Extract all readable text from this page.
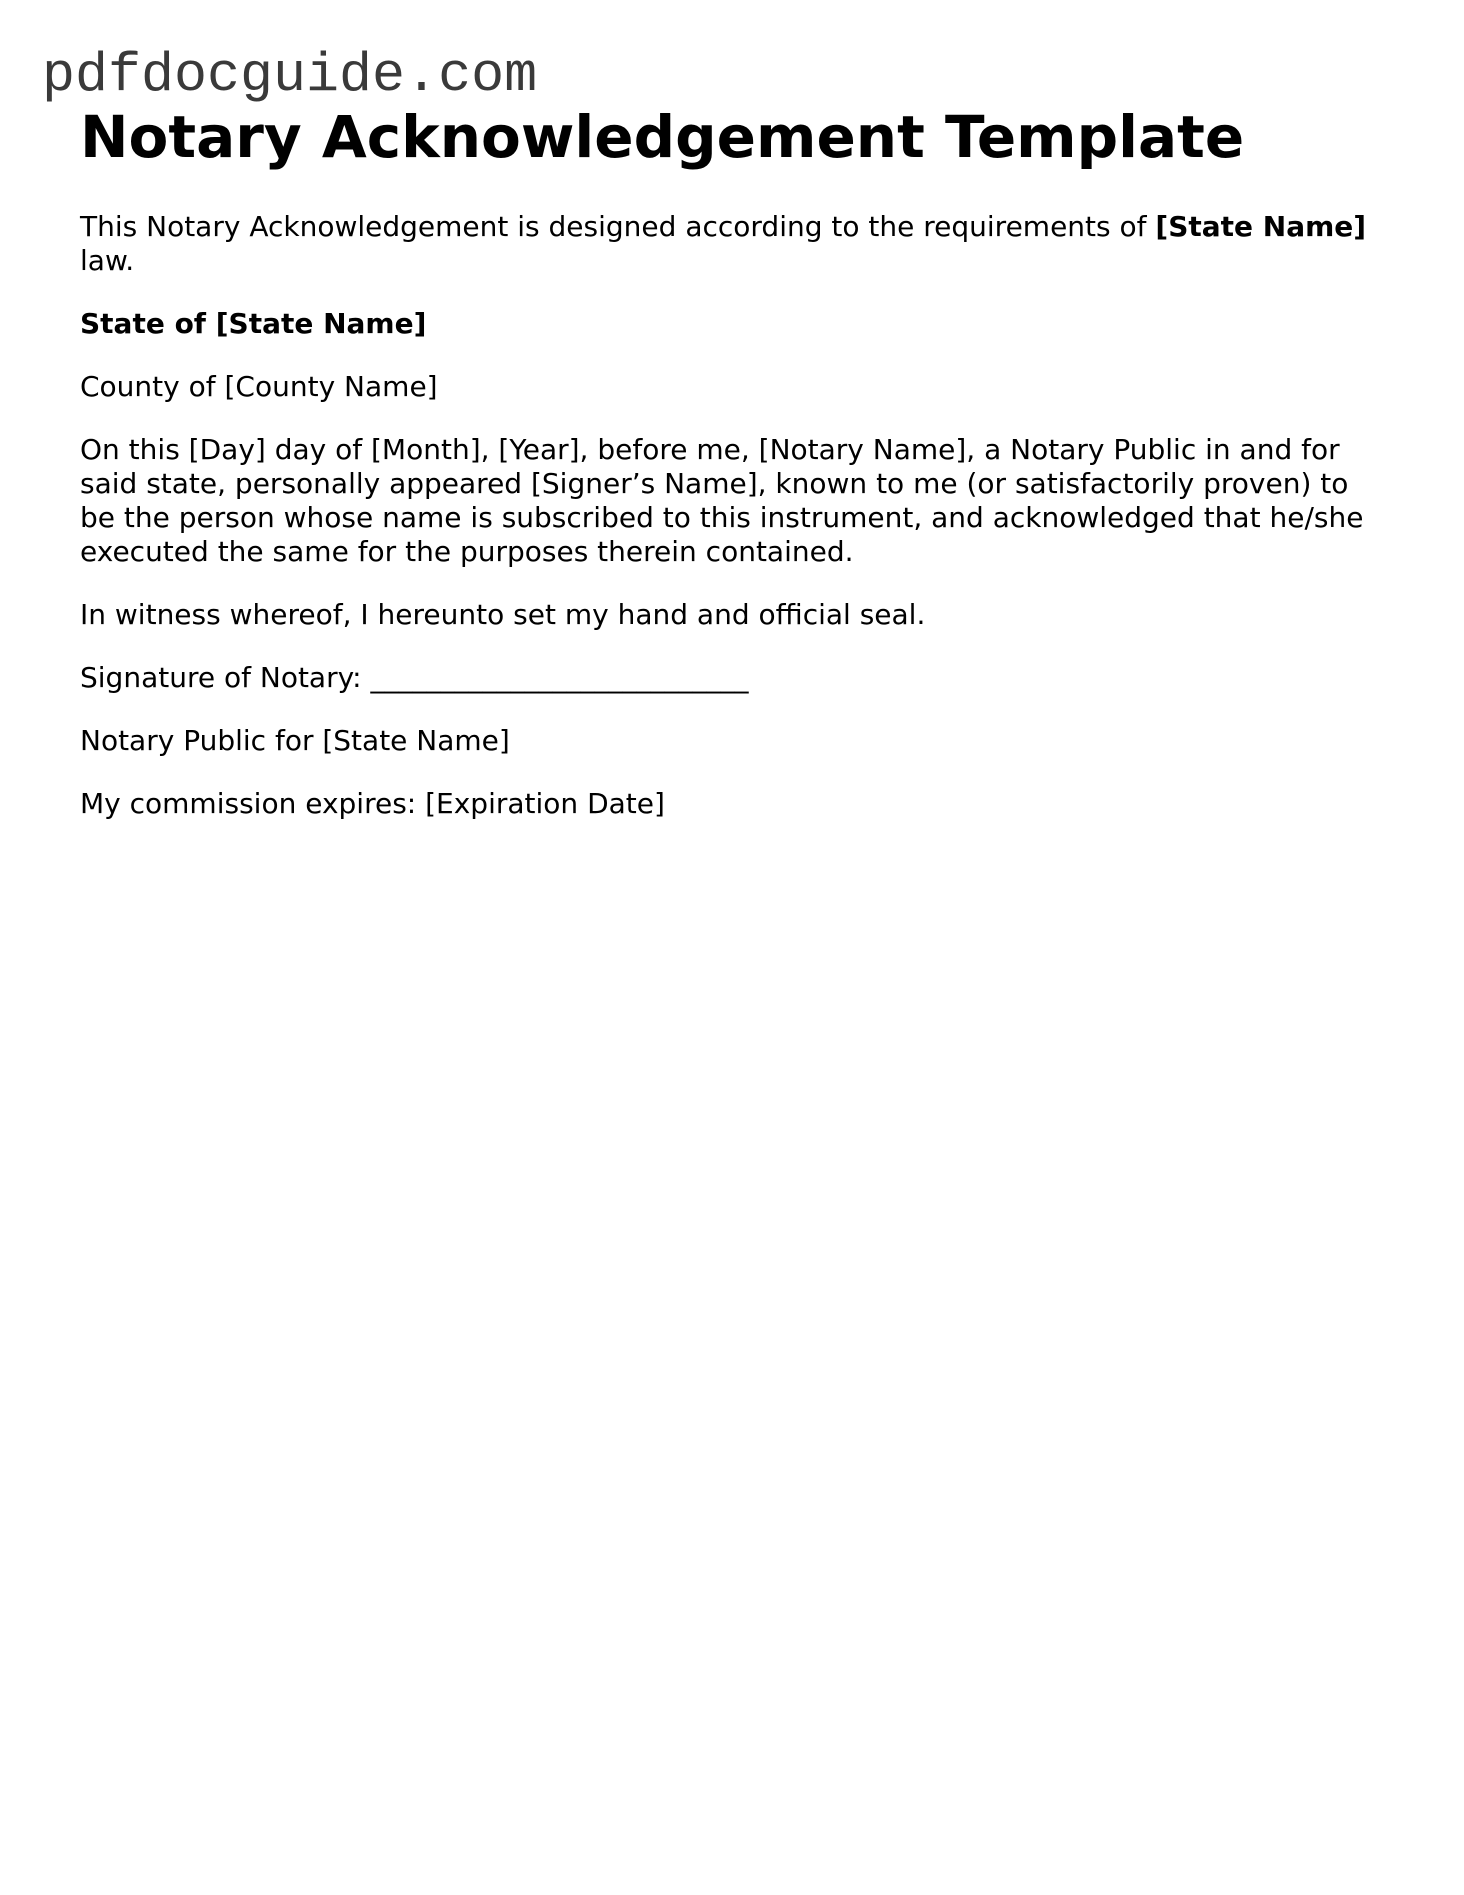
pdfdocguide.com
Notary Acknowledgement Template

This Notary Acknowledgement is designed according to the requirements of [State Name] law.

State of [State Name]

County of [County Name]

On this [Day] day of [Month], [Year], before me, [Notary Name], a Notary Public in and for said state, personally appeared [Signer’s Name], known to me (or satisfactorily proven) to be the person whose name is subscribed to this instrument, and acknowledged that he/she executed the same for the purposes therein contained.

In witness whereof, I hereunto set my hand and official seal.

Signature of Notary: ___________________________

Notary Public for [State Name]

My commission expires: [Expiration Date]
